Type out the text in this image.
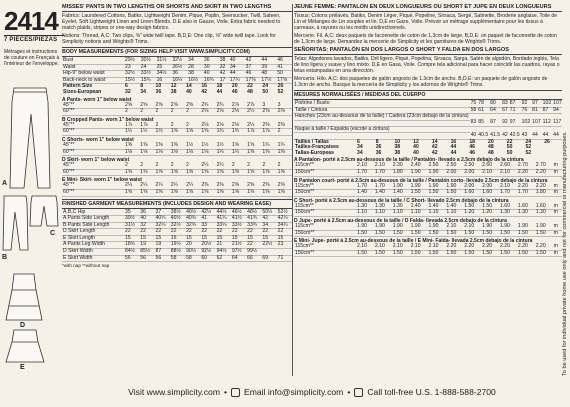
2414
7 PIECES/PIEZAS
Métrages et instructions de couture en Français à l'intérieur de l'enveloppe.
A
B
C
D
E
MISSES' PANTS IN TWO LENGTHS OR SHORTS AND SKIRT IN TWO LENGTHS
Fabrics: Laundered Cottons, Batiks, Lightweight Denim, Pique, Poplin, Seersucker, Twill, Sateen, Eyelet, Soft Lightweight Linen and Linen Blends. D.E also in Gauze, Voile. Extra fabric needed to match plaids, stripes or one-way design fabrics.
Notions: Thread, A,C: Two clips, ⅝" wide twill tape. B,D,E: One clip, ⅝" wide twill tape. Look for Simplicity notions and Wrights® Trims.
BODY MEASUREMENTS (FOR SIZING HELP VISIT WWW.SIMPLICITY.COM)
Bust	29½	30½	31½	32½	34	36	38	40	42	44	46
Waist	23	24	25	26½	28	30	32	34	37	39	41
Hip-9" below waist	32½	33½	34½	36	38	40	42	44	46	48	50
Back-neck to waist	15½	15¾	16	16¼	16½	16¾	17	17¼	17⅜	17½	17⅝
Pattern Size	6	8	10	12	14	16	18	20	22	24	26
Sizes-European	32	34	36	38	40	42	44	46	48	50	52
A Pants- worn 1" below waist
45"**	2⅝	2⅝	2⅝	2⅝	2⅝	2¾	2¾	2⅞	2⅞	3	3
60"**	2	2	2	2	2	2⅛	2⅛	2⅛	2¼	2⅜	2⅜
B Cropped Pants- worn 1" below waist
45"**	1⅞	1⅞	2	2	2	2⅛	2⅛	2⅛	2¼	2⅜	2⅜
60"**	1½	1½	1½	1⅝	1⅝	1⅝	1¾	1¾	1⅞	1⅞	2
C Shorts- worn 1" below waist
45"**	1⅜	1⅜	1⅜	1⅜	1½	1½	1½	1⅝	1⅝	1¾	1¾
60"**	1⅛	1⅛	1⅛	1⅛	1⅛	1⅛	1¼	1¼	1⅜	1⅜	1⅜
D Skirt- worn 1" below waist
45"**	2	2	2	2	2	2¼	2¼	2	2	2	2
60"**	1⅝	1⅝	1⅝	1⅝	1⅝	1⅝	1⅝	1⅝	1⅝	1⅝	1⅝
E Mini- Skirt- worn 1" below waist
45"**	2¼	2¼	2¼	2¼	2¼	2⅜	2⅜	2⅜	2⅜	2⅜	2⅜
60"**	1⅝	1⅝	1⅝	1⅝	1⅝	1⅝	1⅝	1⅝	1⅝	1⅝	1⅝
FINISHED GARMENT MEASUREMENTS (INCLUDES DESIGN AND WEARING EASE)
A,B,C Hip	35	36	37	38½	40½	42½	44½	46½	48½	50½	52½
A Pants Side Length	39½	40	40¼	40½	40¾	41	41¼	41½	41¾	42	42¼
B Pants Side Length	31½	32	32¼	32½	32¾	33	33¼	33½	33¾	34	34¼
D Skirt Length	22	22	22	22	22	22	22	22	22	22	22
E Skirt Length	15	15	15	15	15	15	15	15	15	15	15
A Pants Leg Width	18¾	19	19	19½	20	20½	21	21½	22	22½	23
D Skirt Width	84½	85½	87	88½	90½	92½	94½	97½	99½		
E Skirt Width	56	56	56	58	58	60	62	64	66	69	71
*with nap **without nap
JEUNE FEMME: PANTALON EN DEUX LONGUEURS OU SHORT ET JUPE EN DEUX LONGUEURS
Tissus: Cotons prélavés, Batiks, Denim Léger, Piqué, Popeline, Sirsaca, Sergé, Satinette, Broderie anglaise, Toile de Lin et Mélanges de Lin souples et lin. D,E en Gaze, Voile. Prévoir un métrage supplémentaire pour les tissus à carreaux, à rayures ou les motifs unidirectionnels.
Mercerie: Fil. A,C: deux paquets de faconnette de coton de 1,3cm de large. B,D,E: un paquet de faconnette de coton de 1,3cm de large. Demandez la mercerie de Simplicity et les garnitures de Wrights® Trims.
SEÑORITAS: PANTALÓN EN DOS LARGOS O SHORT Y FALDA EN DOS LARGOS
Telas: Algodones lavados, Batiks, Dril ligero, Piqué, Popelina, Sirsaca, Sarga, Satén de algodón, Bordado inglés, Tela de lino ligera y suave y lino mixto. D,E en Gasa, Voile. Compre tela adicional para hacer coincidir las cuadros, rayas o telas estampadas en una dirección.
Mercería: Hilo. A,C: dos paquetes de galón angosto de 1.3cm de ancho. B,D,E: un paquete de galón angosto de 1.3cm de ancho. Busque la mercería de Simplicity y los adornos de Wrights® Trims.
MESURES NORMALISÉES / MEDIDAS DEL CUERPO
Poitrine / Busto	75	78	80	83	87	92	97	102	107			
Taille / Cintura	58	61	64	67	71	76	81	87	94			
Hanches (23cm au-dessous de la taille) / Cadera (23cm debajo de la cintura)												
	83	85	87	92	97	102	107	112	117			
Nuque à taille / Espalda (escote a cintura)												
	40	40.5	41.5	42	42.5	43	44	44	44		
Tailles / Tallas	6	8	10	12	14	16	18	20	22	24	26
Tailles-Françaises	34	36	38	40	42	44	46	48	50	52	
Tallas-Europeas	34	36	38	40	42	44	46	48	50	52	
A Pantalon- porté à 2.5cm au-dessous de la taille / Pantalón- llevado a 2.5cm debajo de la cintura
115cm**	2.10	2.10	2.30	2.40	2.50	2.50	2.50	2.60	2.60	2.70	2.70	m
150cm**	1.70	1.70	1.80	1.90	1.90	2.00	2.00	2.10	2.10	2.20	2.20	m
B Pantalon court- porté à 2.5cm au-dessous de la taille / Pantalón corto- llevado 2.5cm debajo de la cintura
115cm**	1.70	1.70	1.90	1.90	1.90	1.90	2.00	2.00	2.10	2.20	2.20	m
150cm**	1.40	1.40	1.40	1.50	1.50	1.50	1.60	1.60	1.70	1.70	1.80	m
C Short- porté à 2.5cm au-dessous de la taille / C Short- llevado 2.5cm debajo de la cintura
115cm**	1.30	1.30	1.30	1.40	1.40	1.40	1.50	1.50	1.60	1.60	1.60	m
150cm**	1.10	1.10	1.10	1.10	1.10	1.10	1.20	1.20	1.30	1.30	1.30	m
D Jupe- porté à 2.5cm au-dessous de la taille / D Falda- llevada 2.5cm debajo de la cintura
115cm**	1.90	1.90	1.90	1.90	1.90	2.10	2.10	1.90	1.90	1.90	1.90	m
150cm**	1.50	1.50	1.50	1.50	1.50	1.50	1.50	1.50	1.50	1.50	1.50	m
E Mini- Jupe- porté à 2.5cm au-dessous de la taille / E Mini- Falda- llevada 2.5cm debajo de la cintura
115cm**	2.10	2.10	2.10	2.10	2.10	2.20	2.20	2.20	2.20	2.20	2.20	m
150cm**	1.50	1.50	1.50	1.50	1.50	1.50	1.50	1.50	1.50	1.50	1.50	m To be used for individual private home use only and not for commercial or manufacturing purposes.
Visit www.simplicity.com • Email info@simplicity.com • Call toll-free U.S. 1-888-588-2700
